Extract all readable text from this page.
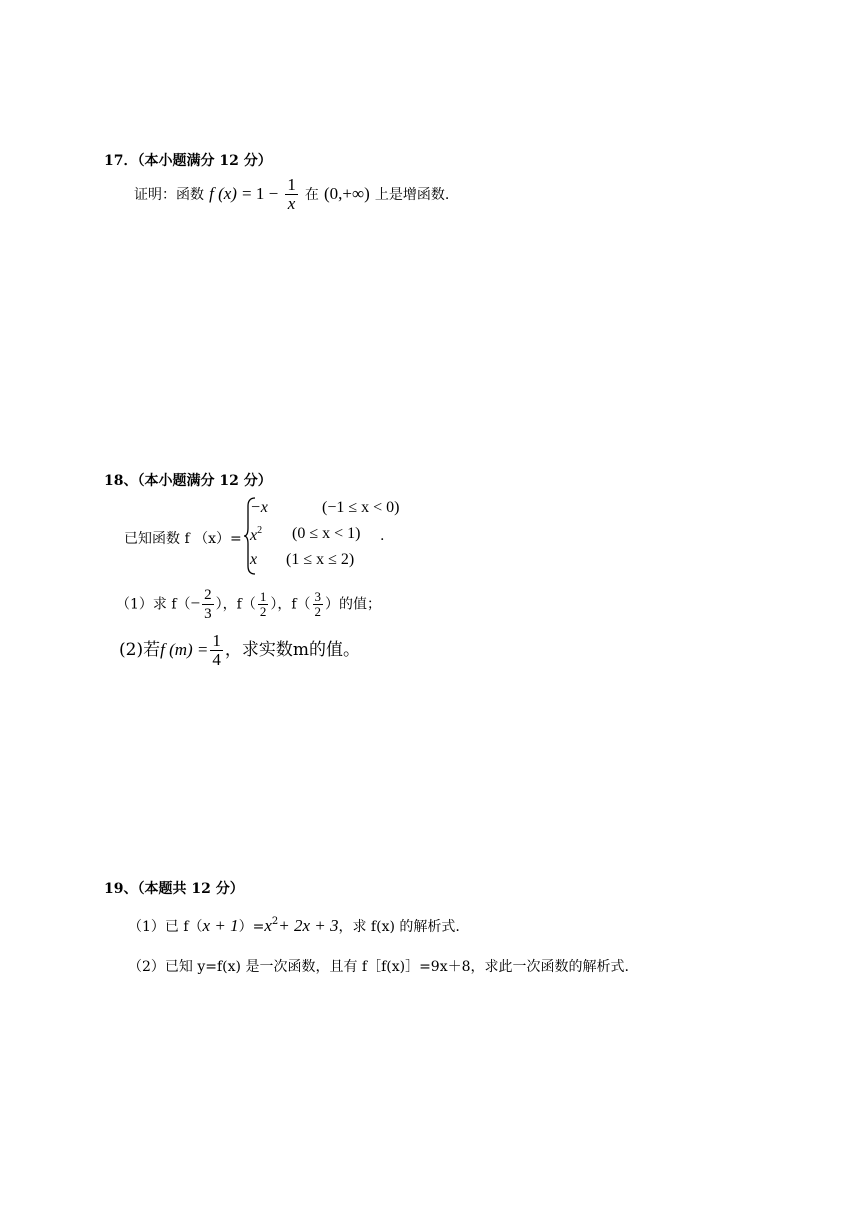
17．（本小题满分 12 分）
证明：函数 f $(x) = 1 - \frac{1}{x}$ 在 (0,+∞) 上是增函数.
18、（本小题满分 12 分）
已知函数 f （x）=
−x	(−1 ≤ x < 0)
$x^2$ (0 ≤ x < 1)
x (1 ≤ x ≤ 2)
.
（1）求 $f(- \frac{2}{3}$ ），$f( \frac{1}{2}$ ），$f( \frac{3}{2}$ ）的值；
(2)若f $(m) = \frac{1}{4}$ ，求实数m的值。
19、（本题共 12 分）
（1）已 $f(x + 1)=x^2+ 2x + 3$，求 f(x) 的解析式.
（2）已知 y=f(x) 是一次函数，且有 f［f(x)］=9x＋8，求此一次函数的解析式.
